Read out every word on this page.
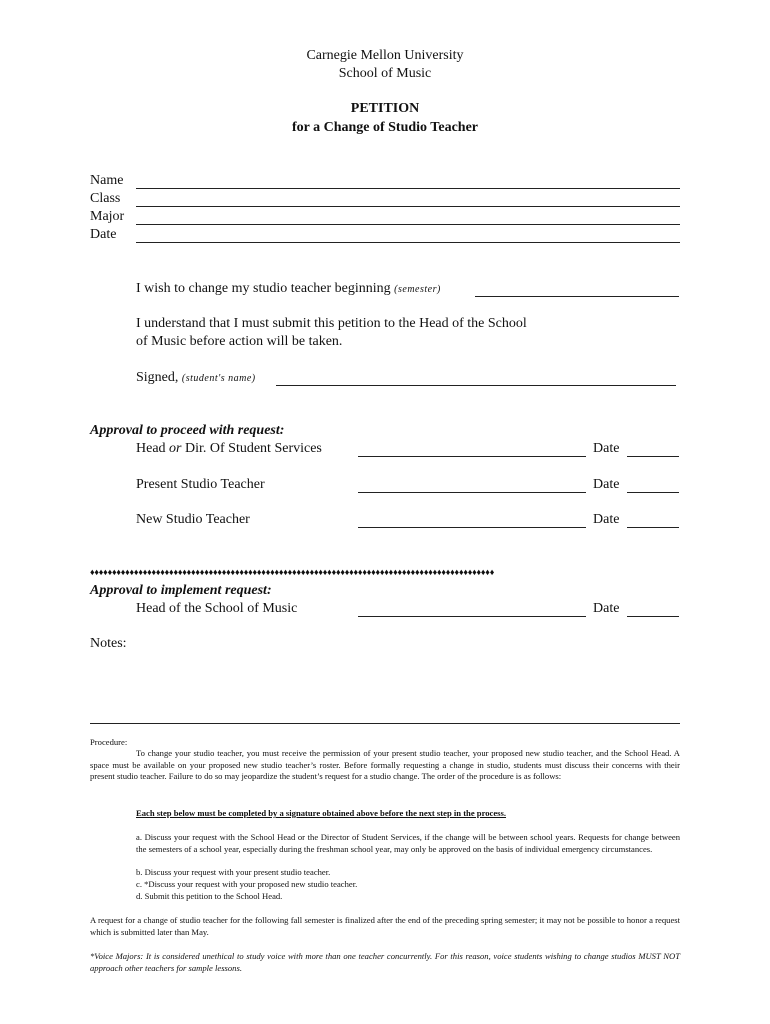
Carnegie Mellon University
School of Music
PETITION
for a Change of Studio Teacher
Name
Class
Major
Date
I wish to change my studio teacher beginning (semester)
I understand that I must submit this petition to the Head of the School
of Music before action will be taken.
Signed, (student's name)
Approval to proceed with request:
Head or Dir. Of Student Services	Date
Present Studio Teacher	Date
New Studio Teacher	Date
♦♦♦♦♦♦♦♦♦♦♦♦♦♦♦♦♦♦♦♦♦♦♦♦♦♦♦♦♦♦♦♦♦♦♦♦♦♦♦♦♦♦♦♦♦♦♦♦♦♦♦♦♦♦♦♦♦♦♦♦♦♦♦♦♦♦♦♦♦♦♦♦♦♦♦♦♦♦♦♦♦♦♦♦♦♦♦♦♦♦♦♦
Approval to implement request:
Head of the School of Music	Date
Notes:
Procedure:
To change your studio teacher, you must receive the permission of your present studio teacher, your proposed new studio teacher, and the School Head. A space must be available on your proposed new studio teacher’s roster. Before formally requesting a change in studio, students must discuss their concerns with their present studio teacher. Failure to do so may jeopardize the student’s request for a studio change. The order of the procedure is as follows:
Each step below must be completed by a signature obtained above before the next step in the process.
a. Discuss your request with the School Head or the Director of Student Services, if the change will be between school years. Requests for change between the semesters of a school year, especially during the freshman school year, may only be approved on the basis of individual emergency circumstances.
b. Discuss your request with your present studio teacher.
c. *Discuss your request with your proposed new studio teacher.
d. Submit this petition to the School Head.
A request for a change of studio teacher for the following fall semester is finalized after the end of the preceding spring semester; it may not be possible to honor a request which is submitted later than May.
*Voice Majors: It is considered unethical to study voice with more than one teacher concurrently. For this reason, voice students wishing to change studios MUST NOT approach other teachers for sample lessons.
